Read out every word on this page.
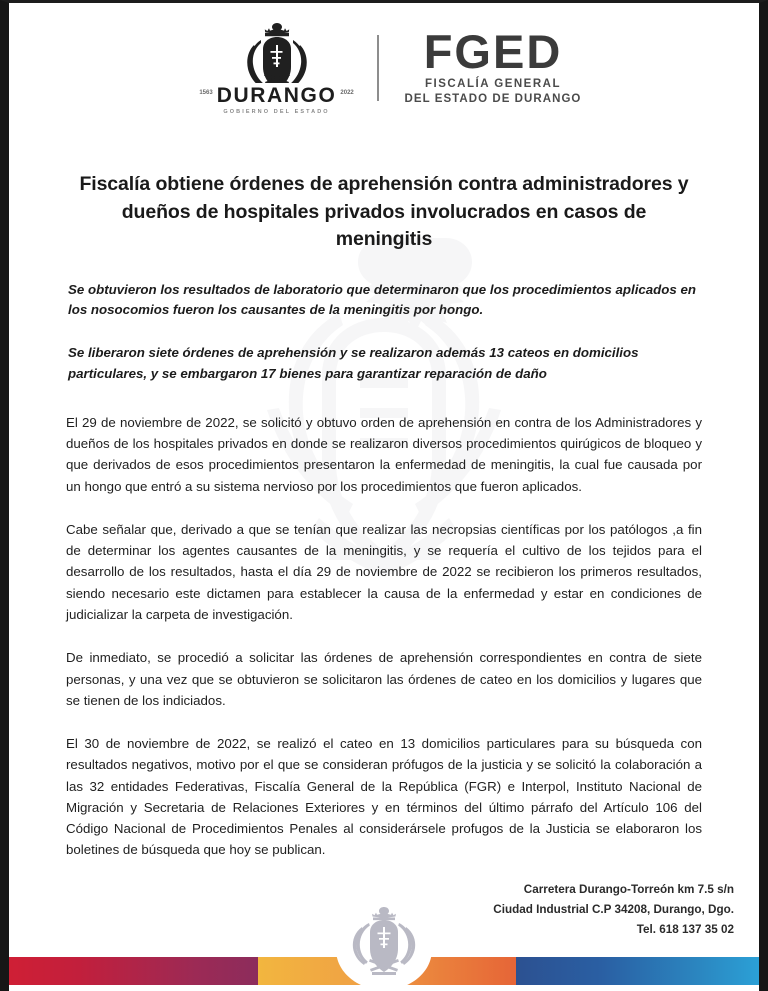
1563 DURANGO 2022
GOBIERNO DEL ESTADO
FGED
FISCALÍA GENERAL
DEL ESTADO DE DURANGO
Fiscalía obtiene órdenes de aprehensión contra administradores y dueños de hospitales privados involucrados en casos de meningitis
Se obtuvieron los resultados de laboratorio que determinaron que los procedimientos aplicados en los nosocomios fueron los causantes de la meningitis por hongo.
Se liberaron siete órdenes de aprehensión y se realizaron además 13 cateos en domicilios particulares, y se embargaron 17 bienes para garantizar reparación de daño

El 29 de noviembre de 2022, se solicitó y obtuvo orden de aprehensión en contra de los Administradores y dueños de los hospitales privados en donde se realizaron diversos procedimientos quirúgicos de bloqueo y que derivados de esos procedimientos presentaron la enfermedad de meningitis, la cual fue causada por un hongo que entró a su sistema nervioso por los procedimientos que fueron aplicados.

Cabe señalar que, derivado a que se tenían que realizar las necropsias científicas por los patólogos ,a fin de determinar los agentes causantes de la meningitis, y se requería el cultivo de los tejidos para el desarrollo de los resultados, hasta el día 29 de noviembre de 2022 se recibieron los primeros resultados, siendo necesario este dictamen para establecer la causa de la enfermedad y estar en condiciones de judicializar la carpeta de investigación.

De inmediato, se procedió a solicitar las órdenes de aprehensión correspondientes en contra de siete personas, y una vez que se obtuvieron se solicitaron las órdenes de cateo en los domicilios y lugares que se tienen de los indiciados.

El 30 de noviembre de 2022, se realizó el cateo en 13 domicilios particulares para su búsqueda con resultados negativos, motivo por el que se consideran prófugos de la justicia y se solicitó la colaboración a las 32 entidades Federativas, Fiscalía General de la República (FGR) e Interpol, Instituto Nacional de Migración y Secretaria de Relaciones Exteriores y en términos del último párrafo del Artículo 106 del Código Nacional de Procedimientos Penales al considerársele profugos de la Justicia se elaboraron los boletines de búsqueda que hoy se publican.

Carretera Durango-Torreón km 7.5 s/n
Ciudad Industrial C.P 34208, Durango, Dgo.
Tel. 618 137 35 02
